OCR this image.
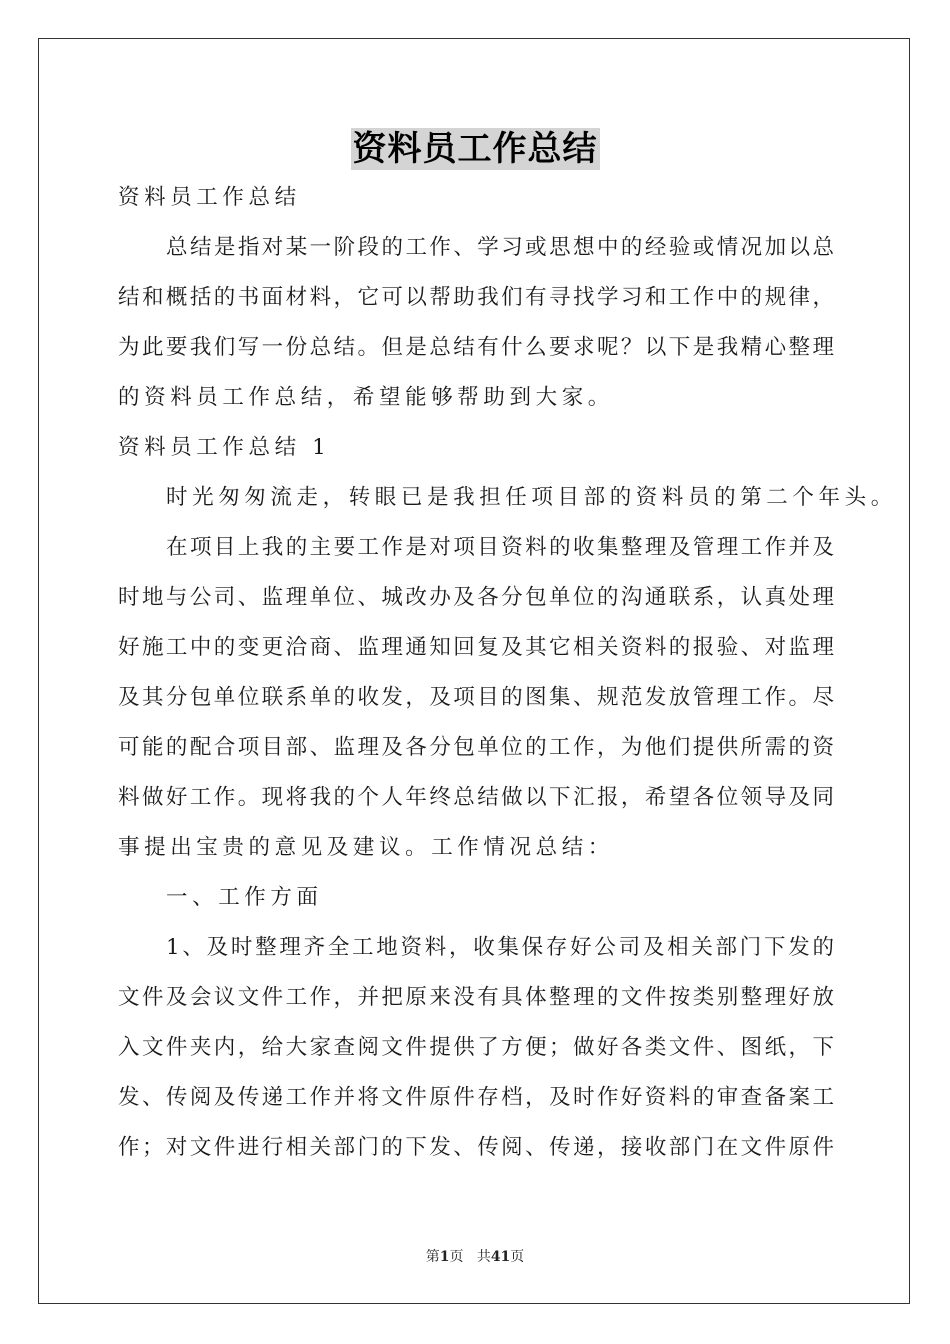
资料员工作总结
资料员工作总结
总结是指对某一阶段的工作、学习或思想中的经验或情况加以总
结和概括的书面材料，它可以帮助我们有寻找学习和工作中的规律，
为此要我们写一份总结。但是总结有什么要求呢？以下是我精心整理
的资料员工作总结，希望能够帮助到大家。
资料员工作总结 1
时光匆匆流走，转眼已是我担任项目部的资料员的第二个年头。
在项目上我的主要工作是对项目资料的收集整理及管理工作并及
时地与公司、监理单位、城改办及各分包单位的沟通联系，认真处理
好施工中的变更洽商、监理通知回复及其它相关资料的报验、对监理
及其分包单位联系单的收发，及项目的图集、规范发放管理工作。尽
可能的配合项目部、监理及各分包单位的工作，为他们提供所需的资
料做好工作。现将我的个人年终总结做以下汇报，希望各位领导及同
事提出宝贵的意见及建议。工作情况总结：
一、工作方面
1、及时整理齐全工地资料，收集保存好公司及相关部门下发的
文件及会议文件工作，并把原来没有具体整理的文件按类别整理好放
入文件夹内，给大家查阅文件提供了方便；做好各类文件、图纸，下
发、传阅及传递工作并将文件原件存档，及时作好资料的审查备案工
作；对文件进行相关部门的下发、传阅、传递，接收部门在文件原件
第1页 共41页
